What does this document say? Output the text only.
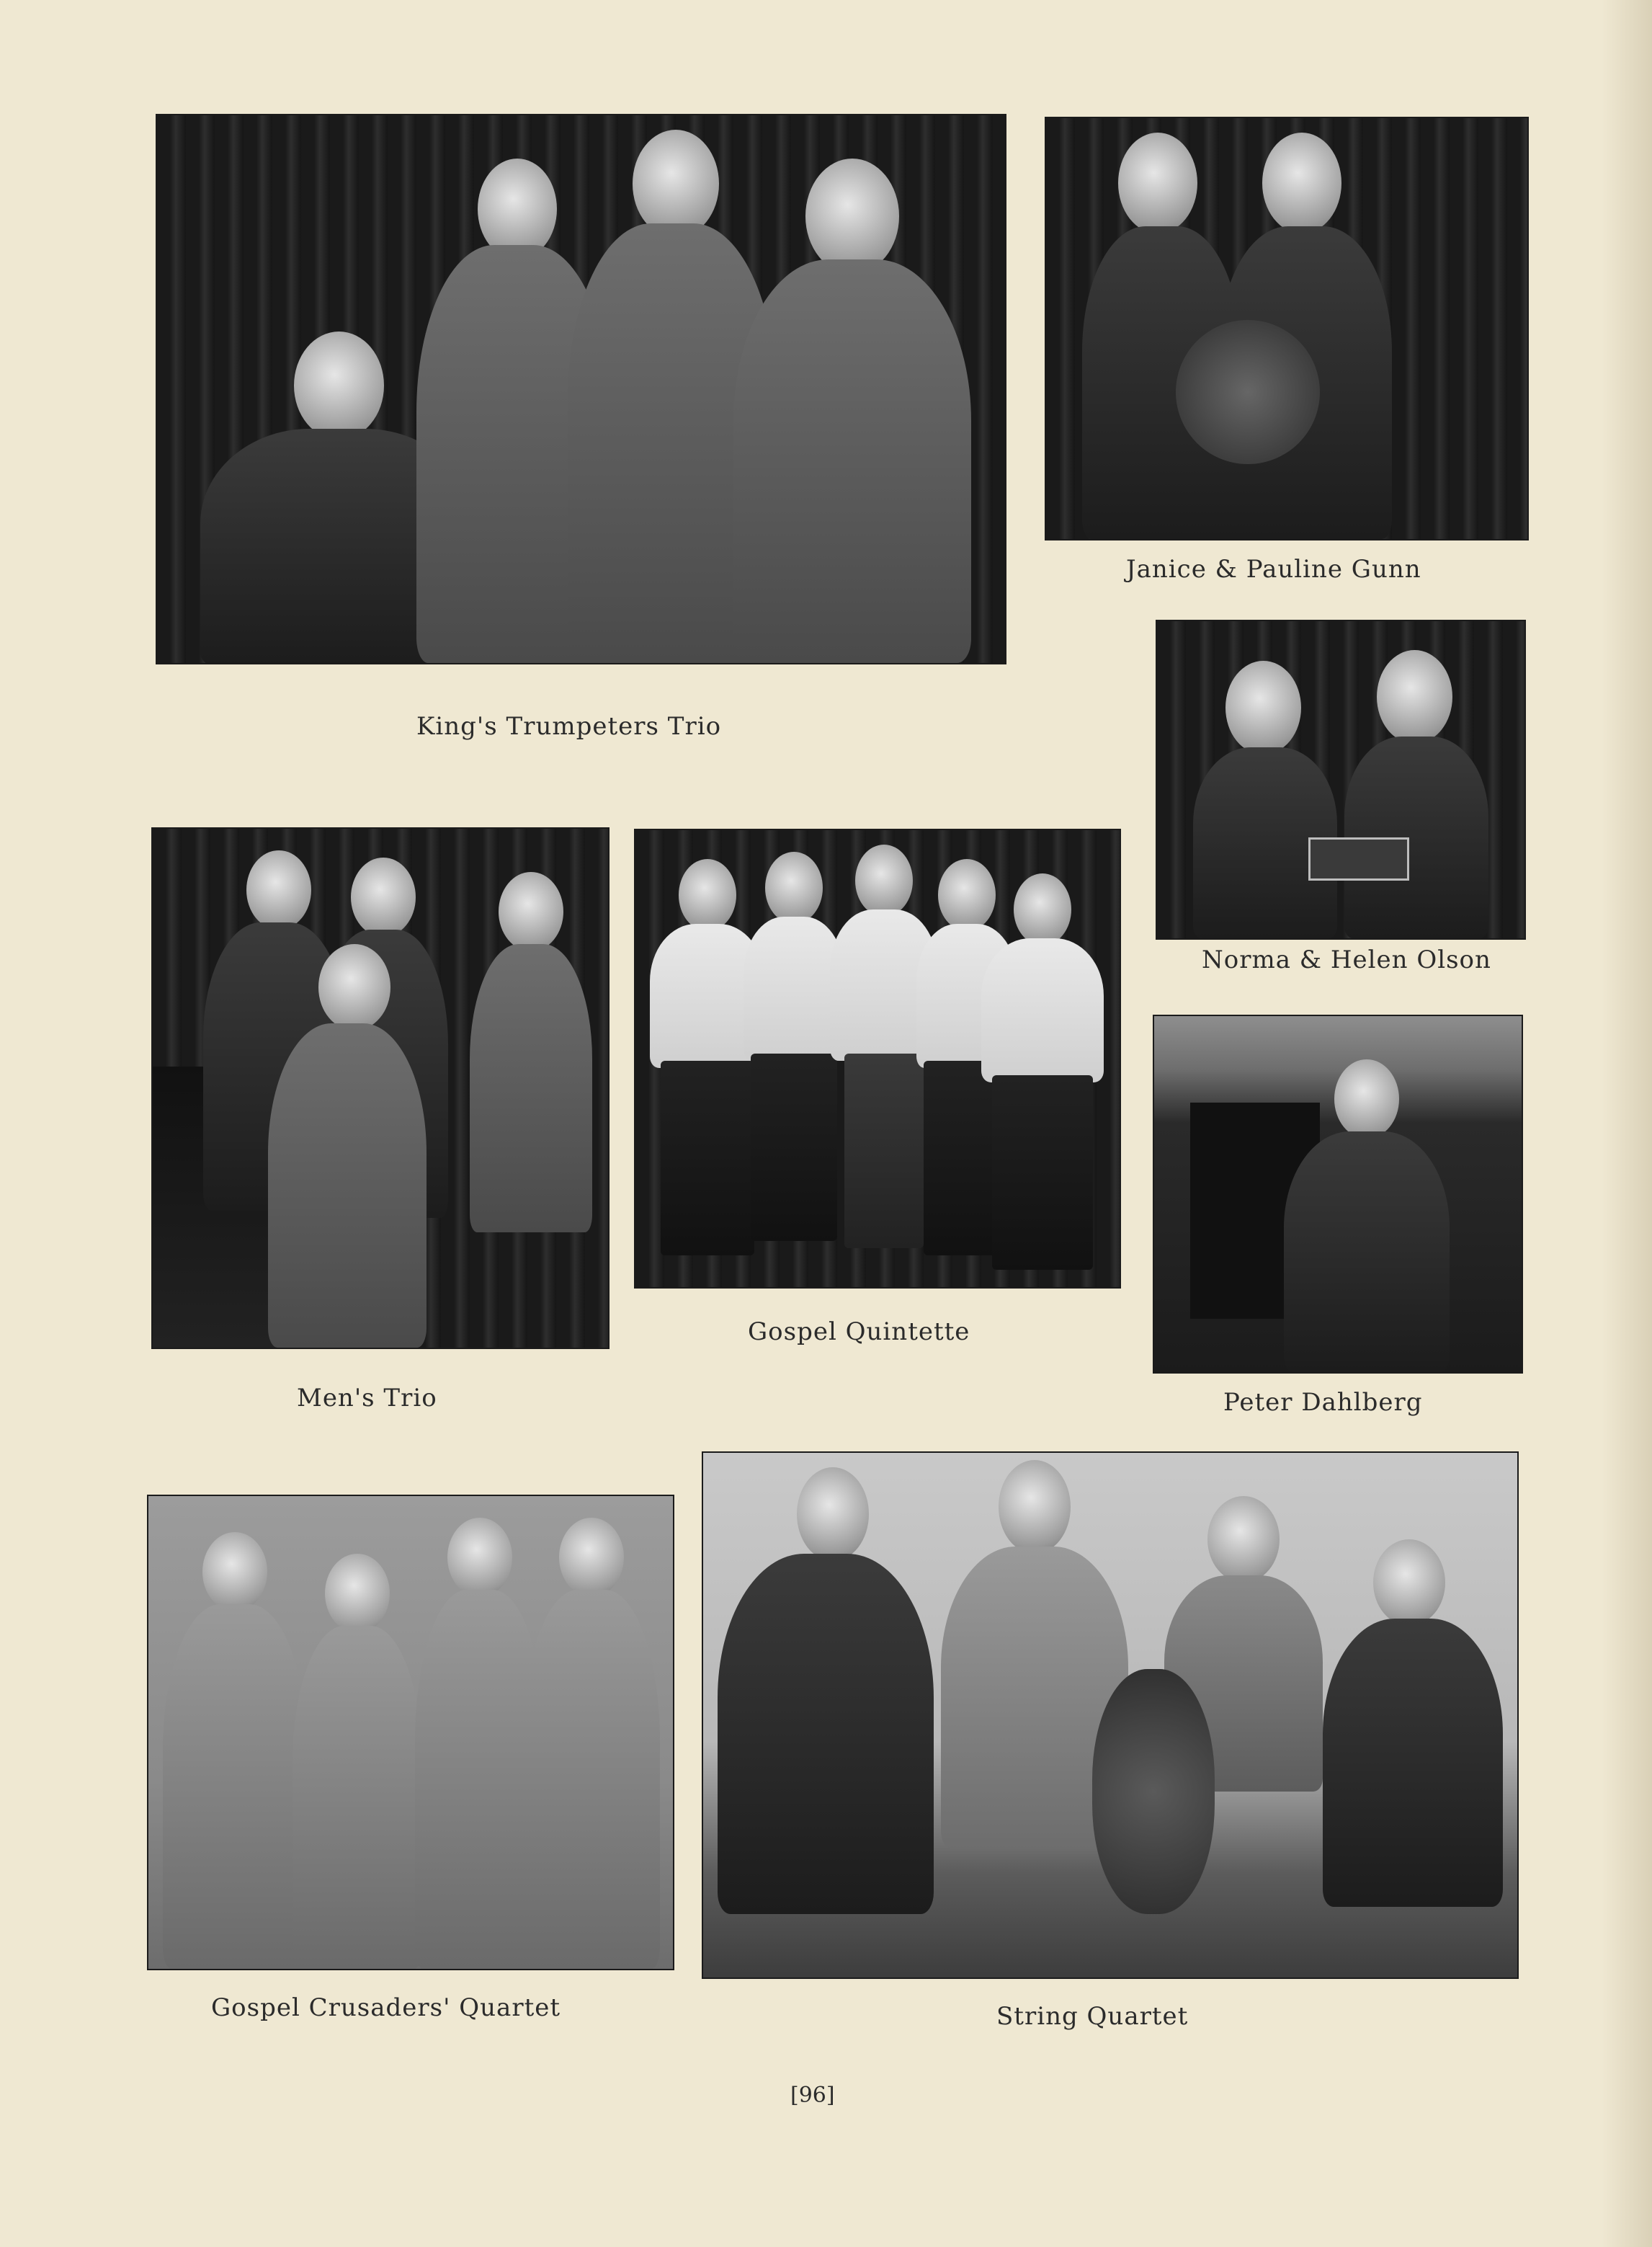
King's Trumpeters Trio
Janice & Pauline Gunn
Norma & Helen Olson
Men's Trio
Gospel Quintette
Peter Dahlberg
Gospel Crusaders' Quartet	String Quartet
[96]
